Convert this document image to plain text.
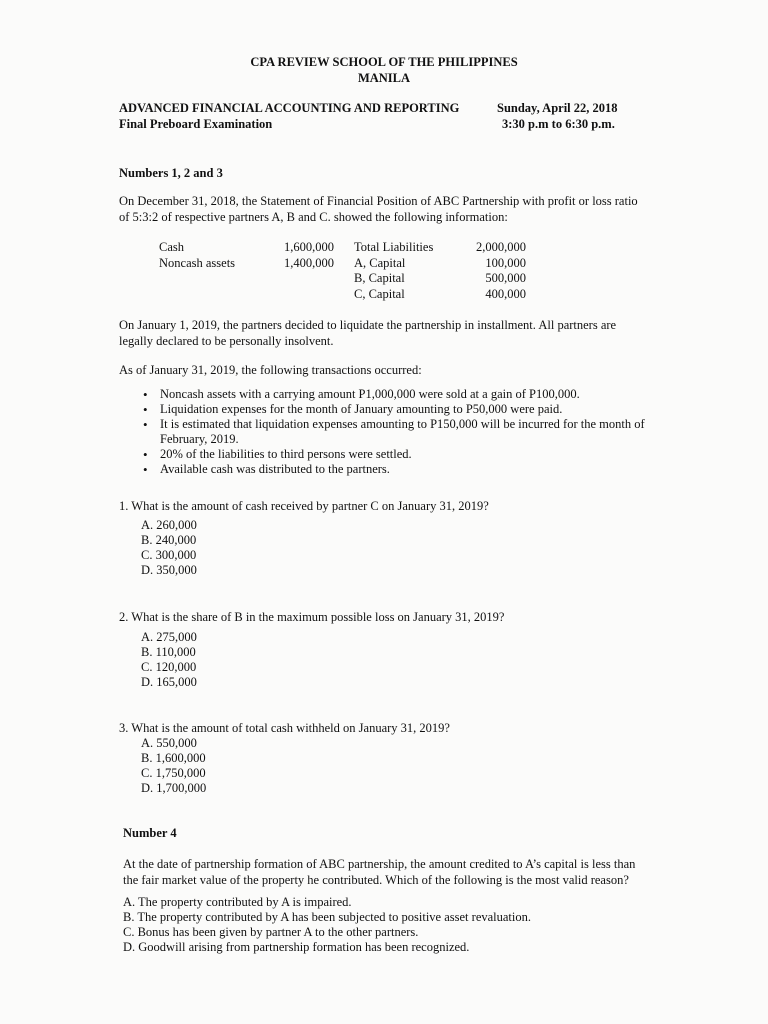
CPA REVIEW SCHOOL OF THE PHILIPPINES
MANILA
ADVANCED FINANCIAL ACCOUNTING AND REPORTING
Final Preboard Examination
Sunday, April 22, 2018
3:30 p.m to 6:30 p.m.
Numbers 1, 2 and 3
On December 31, 2018, the Statement of Financial Position of ABC Partnership with profit or loss ratio
of 5:3:2 of respective partners A, B and C. showed the following information:
Cash	1,600,000		Total Liabilities	2,000,000
Noncash assets	1,400,000		A, Capital	100,000
			B, Capital	500,000
			C, Capital	400,000
On January 1, 2019, the partners decided to liquidate the partnership in installment. All partners are
legally declared to be personally insolvent.
As of January 31, 2019, the following transactions occurred:
• Noncash assets with a carrying amount P1,000,000 were sold at a gain of P100,000.
• Liquidation expenses for the month of January amounting to P50,000 were paid.
• It is estimated that liquidation expenses amounting to P150,000 will be incurred for the month of
February, 2019.
• 20% of the liabilities to third persons were settled.
• Available cash was distributed to the partners.
1. What is the amount of cash received by partner C on January 31, 2019?
A. 260,000
B. 240,000
C. 300,000
D. 350,000
2. What is the share of B in the maximum possible loss on January 31, 2019?
A. 275,000
B. 110,000
C. 120,000
D. 165,000
3. What is the amount of total cash withheld on January 31, 2019?
A. 550,000
B. 1,600,000
C. 1,750,000
D. 1,700,000
Number 4
At the date of partnership formation of ABC partnership, the amount credited to A’s capital is less than
the fair market value of the property he contributed. Which of the following is the most valid reason?
A. The property contributed by A is impaired.
B. The property contributed by A has been subjected to positive asset revaluation.
C. Bonus has been given by partner A to the other partners.
D. Goodwill arising from partnership formation has been recognized.
